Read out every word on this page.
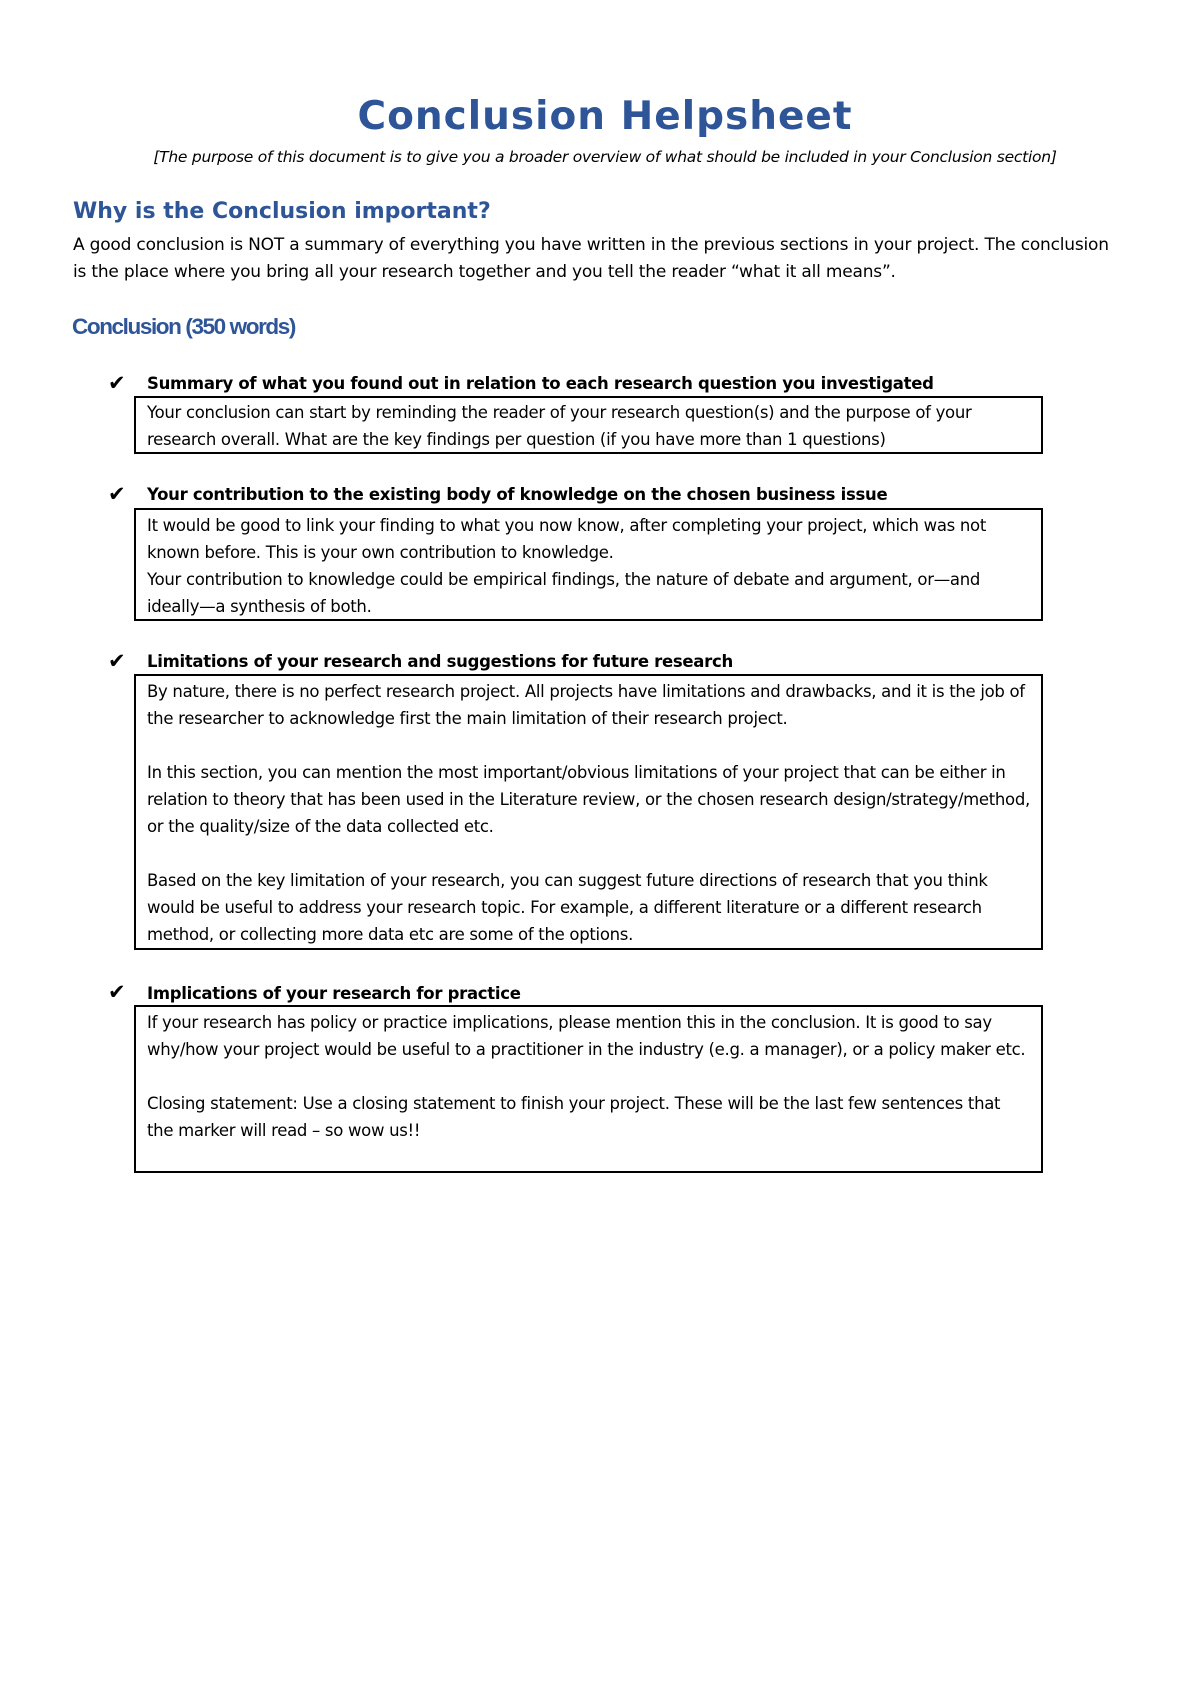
Conclusion Helpsheet
[The purpose of this document is to give you a broader overview of what should be included in your Conclusion section]
Why is the Conclusion important?
A good conclusion is NOT a summary of everything you have written in the previous sections in your project. The conclusion is the place where you bring all your research together and you tell the reader “what it all means”.
Conclusion (350 words)
✔ Summary of what you found out in relation to each research question you investigated

Your conclusion can start by reminding the reader of your research question(s) and the purpose of your research overall. What are the key findings per question (if you have more than 1 questions)

✔ Your contribution to the existing body of knowledge on the chosen business issue

It would be good to link your finding to what you now know, after completing your project, which was not known before. This is your own contribution to knowledge.

Your contribution to knowledge could be empirical findings, the nature of debate and argument, or—and ideally—a synthesis of both.

✔ Limitations of your research and suggestions for future research

By nature, there is no perfect research project. All projects have limitations and drawbacks, and it is the job of the researcher to acknowledge first the main limitation of their research project.

In this section, you can mention the most important/obvious limitations of your project that can be either in relation to theory that has been used in the Literature review, or the chosen research design/strategy/method, or the quality/size of the data collected etc.

Based on the key limitation of your research, you can suggest future directions of research that you think would be useful to address your research topic. For example, a different literature or a different research method, or collecting more data etc are some of the options.

✔ Implications of your research for practice

If your research has policy or practice implications, please mention this in the conclusion. It is good to say why/how your project would be useful to a practitioner in the industry (e.g. a manager), or a policy maker etc.

Closing statement: Use a closing statement to finish your project. These will be the last few sentences that the marker will read – so wow us!!
